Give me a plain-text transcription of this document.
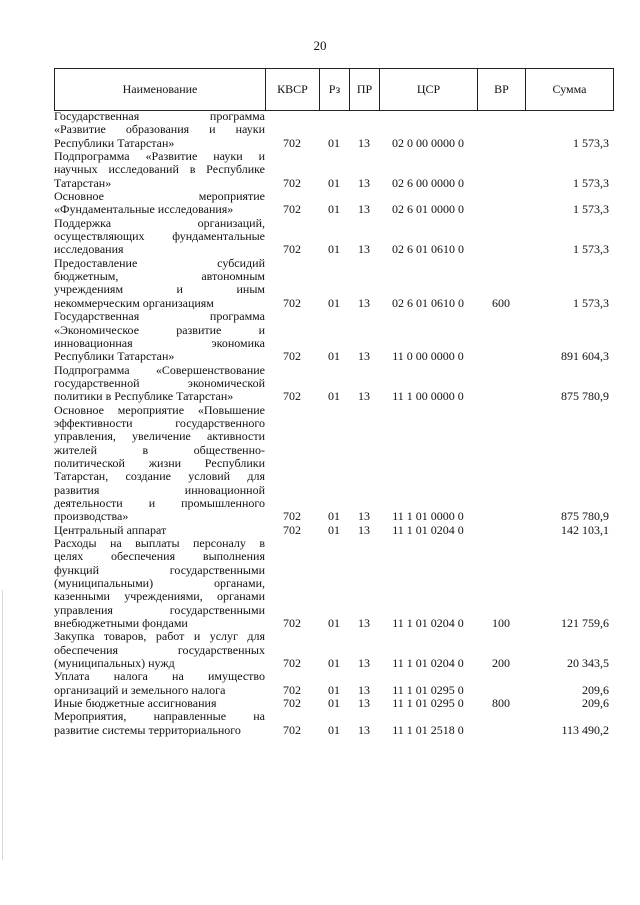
20
Наименование	КВСР	Рз	ПР	ЦСР	ВР	Сумма
Государственная программа
«Развитие образования и науки
Республики Татарстан»	702	01	13	02 0 00 0000 0	1 573,3
Подпрограмма «Развитие науки и
научных исследований в Республике
Татарстан»	702	01	13	02 6 00 0000 0	1 573,3
Основное мероприятие
«Фундаментальные исследования»	702	01	13	02 6 01 0000 0	1 573,3
Поддержка организаций,
осуществляющих фундаментальные
исследования	702	01	13	02 6 01 0610 0	1 573,3
Предоставление субсидий
бюджетным, автономным
учреждениям и иным
некоммерческим организациям	702	01	13	02 6 01 0610 0	600	1 573,3
Государственная программа
«Экономическое развитие и
инновационная экономика
Республики Татарстан»	702	01	13	11 0 00 0000 0	891 604,3
Подпрограмма «Совершенствование
государственной экономической
политики в Республике Татарстан»	702	01	13	11 1 00 0000 0	875 780,9
Основное мероприятие «Повышение
эффективности государственного
управления, увеличение активности
жителей в общественно-
политической жизни Республики
Татарстан, создание условий для
развития инновационной
деятельности и промышленного
производства»	702	01	13	11 1 01 0000 0	875 780,9
Центральный аппарат	702	01	13	11 1 01 0204 0	142 103,1
Расходы на выплаты персоналу в
целях обеспечения выполнения
функций государственными
(муниципальными) органами,
казенными учреждениями, органами
управления государственными
внебюджетными фондами	702	01	13	11 1 01 0204 0	100	121 759,6
Закупка товаров, работ и услуг для
обеспечения государственных
(муниципальных) нужд	702	01	13	11 1 01 0204 0	200	20 343,5
Уплата налога на имущество
организаций и земельного налога	702	01	13	11 1 01 0295 0	209,6
Иные бюджетные ассигнования	702	01	13	11 1 01 0295 0	800	209,6
Мероприятия, направленные на
развитие системы территориального	702	01	13	11 1 01 2518 0	113 490,2
